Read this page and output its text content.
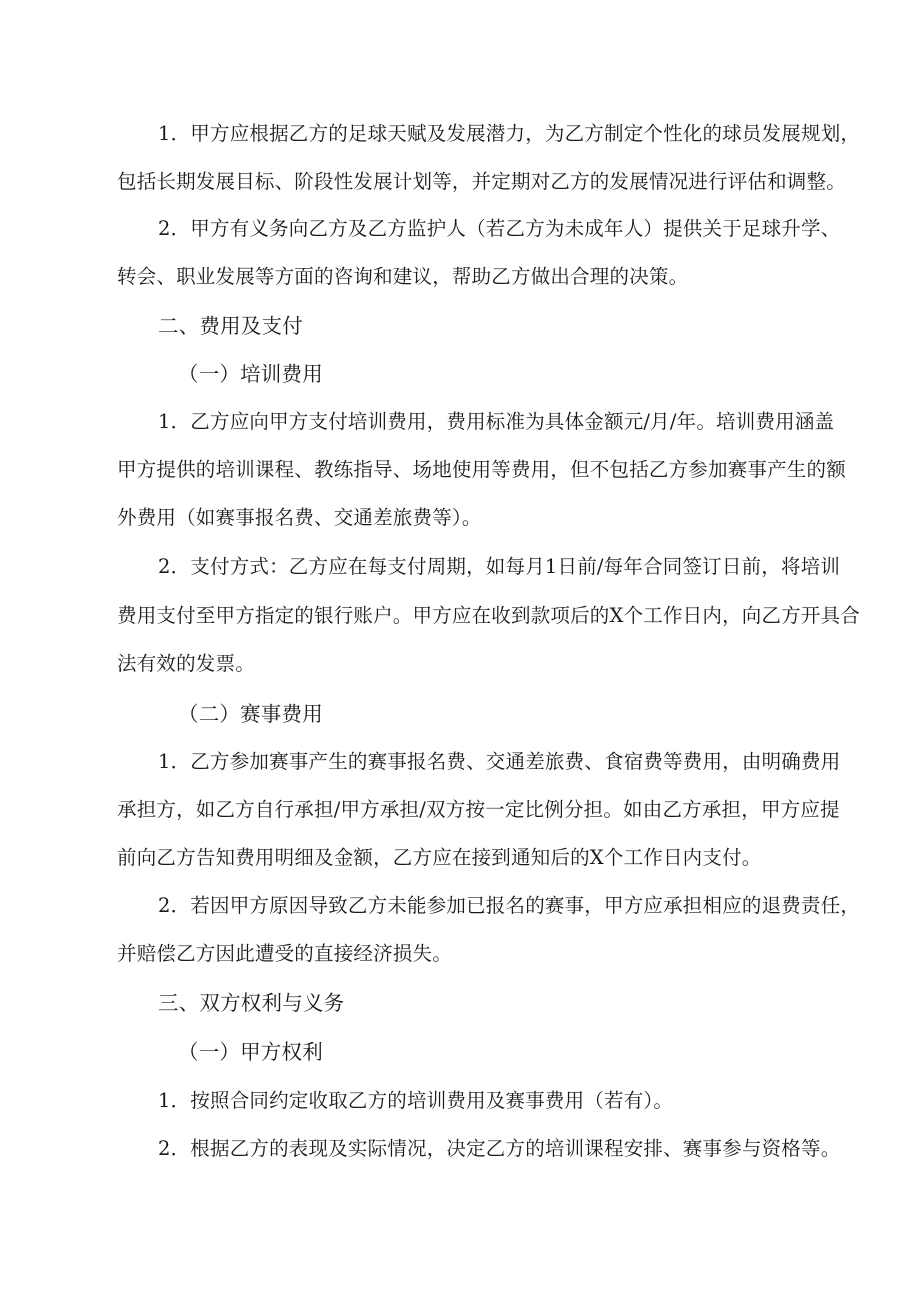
1．甲方应根据乙方的足球天赋及发展潜力，为乙方制定个性化的球员发展规划，
包括长期发展目标、阶段性发展计划等，并定期对乙方的发展情况进行评估和调整。
2．甲方有义务向乙方及乙方监护人（若乙方为未成年人）提供关于足球升学、
转会、职业发展等方面的咨询和建议，帮助乙方做出合理的决策。
二、费用及支付
（一）培训费用
1．乙方应向甲方支付培训费用，费用标准为具体金额元/月/年。培训费用涵盖
甲方提供的培训课程、教练指导、场地使用等费用，但不包括乙方参加赛事产生的额
外费用（如赛事报名费、交通差旅费等）。
2．支付方式：乙方应在每支付周期，如每月1日前/每年合同签订日前，将培训
费用支付至甲方指定的银行账户。甲方应在收到款项后的X个工作日内，向乙方开具合
法有效的发票。
（二）赛事费用
1．乙方参加赛事产生的赛事报名费、交通差旅费、食宿费等费用，由明确费用
承担方，如乙方自行承担/甲方承担/双方按一定比例分担。如由乙方承担，甲方应提
前向乙方告知费用明细及金额，乙方应在接到通知后的X个工作日内支付。
2．若因甲方原因导致乙方未能参加已报名的赛事，甲方应承担相应的退费责任，
并赔偿乙方因此遭受的直接经济损失。
三、双方权利与义务
（一）甲方权利
1．按照合同约定收取乙方的培训费用及赛事费用（若有）。
2．根据乙方的表现及实际情况，决定乙方的培训课程安排、赛事参与资格等。
